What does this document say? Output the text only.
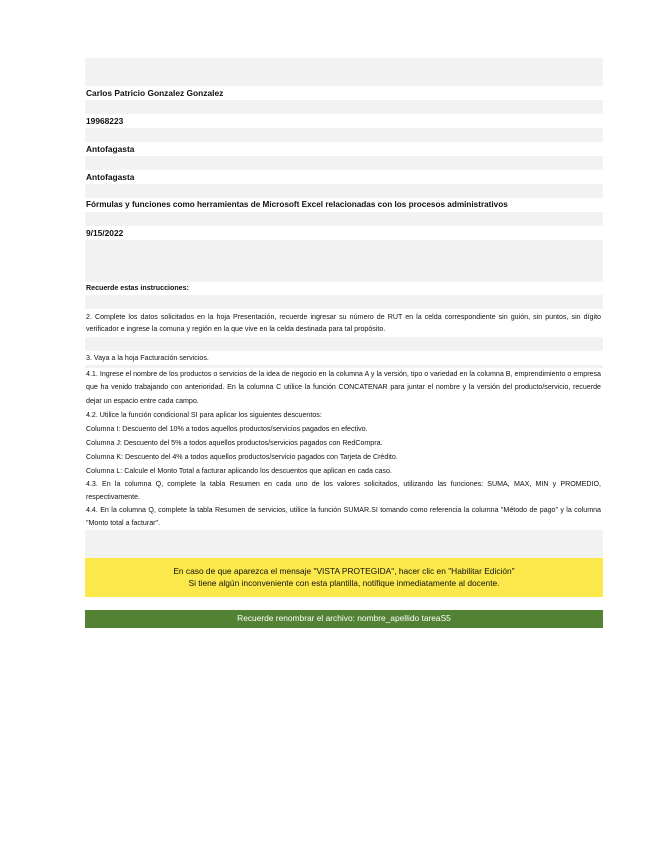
Carlos Patricio Gonzalez Gonzalez
19968223
Antofagasta
Antofagasta
Fórmulas y funciones como herramientas de Microsoft Excel relacionadas con los procesos administrativos
9/15/2022
Recuerde estas instrucciones:
2. Complete los datos solicitados en la hoja Presentación, recuerde ingresar su número de RUT en la celda correspondiente sin guión, sin puntos, sin dígito verificador e ingrese la comuna y región en la que vive en la celda destinada para tal propósito.
3. Vaya a la hoja Facturación servicios.
4.1. Ingrese el nombre de los productos o servicios de la idea de negocio en la columna A y la versión, tipo o variedad en la columna B, emprendimiento o empresa que ha venido trabajando con anterioridad. En la columna C utilice la función CONCATENAR para juntar el nombre y la versión del producto/servicio, recuerde dejar un espacio entre cada campo.
4.2. Utilice la función condicional SI para aplicar los siguientes descuentos:
Columna I: Descuento del 10% a todos aquellos productos/servicios pagados en efectivo.
Columna J: Descuento del 5% a todos aquellos productos/servicios pagados con RedCompra.
Columna K: Descuento del 4% a todos aquellos productos/servicio pagados con Tarjeta de Crédito.
Columna L: Calcule el Monto Total a facturar aplicando los descuentos que aplican en cada caso.
4.3. En la columna Q, complete la tabla Resumen en cada uno de los valores solicitados, utilizando las funciones: SUMA, MAX, MIN y PROMEDIO, respectivamente.
4.4. En la columna Q, complete la tabla Resumen de servicios, utilice la función SUMAR.SI tomando como referencia la columna "Método de pago" y la columna "Monto total a facturar".
En caso de que aparezca el mensaje "VISTA PROTEGIDA", hacer clic en "Habilitar Edición"
Si tiene algún inconveniente con esta plantilla, notifique inmediatamente al docente.
Recuerde renombrar el archivo: nombre_apellido tareaS5
